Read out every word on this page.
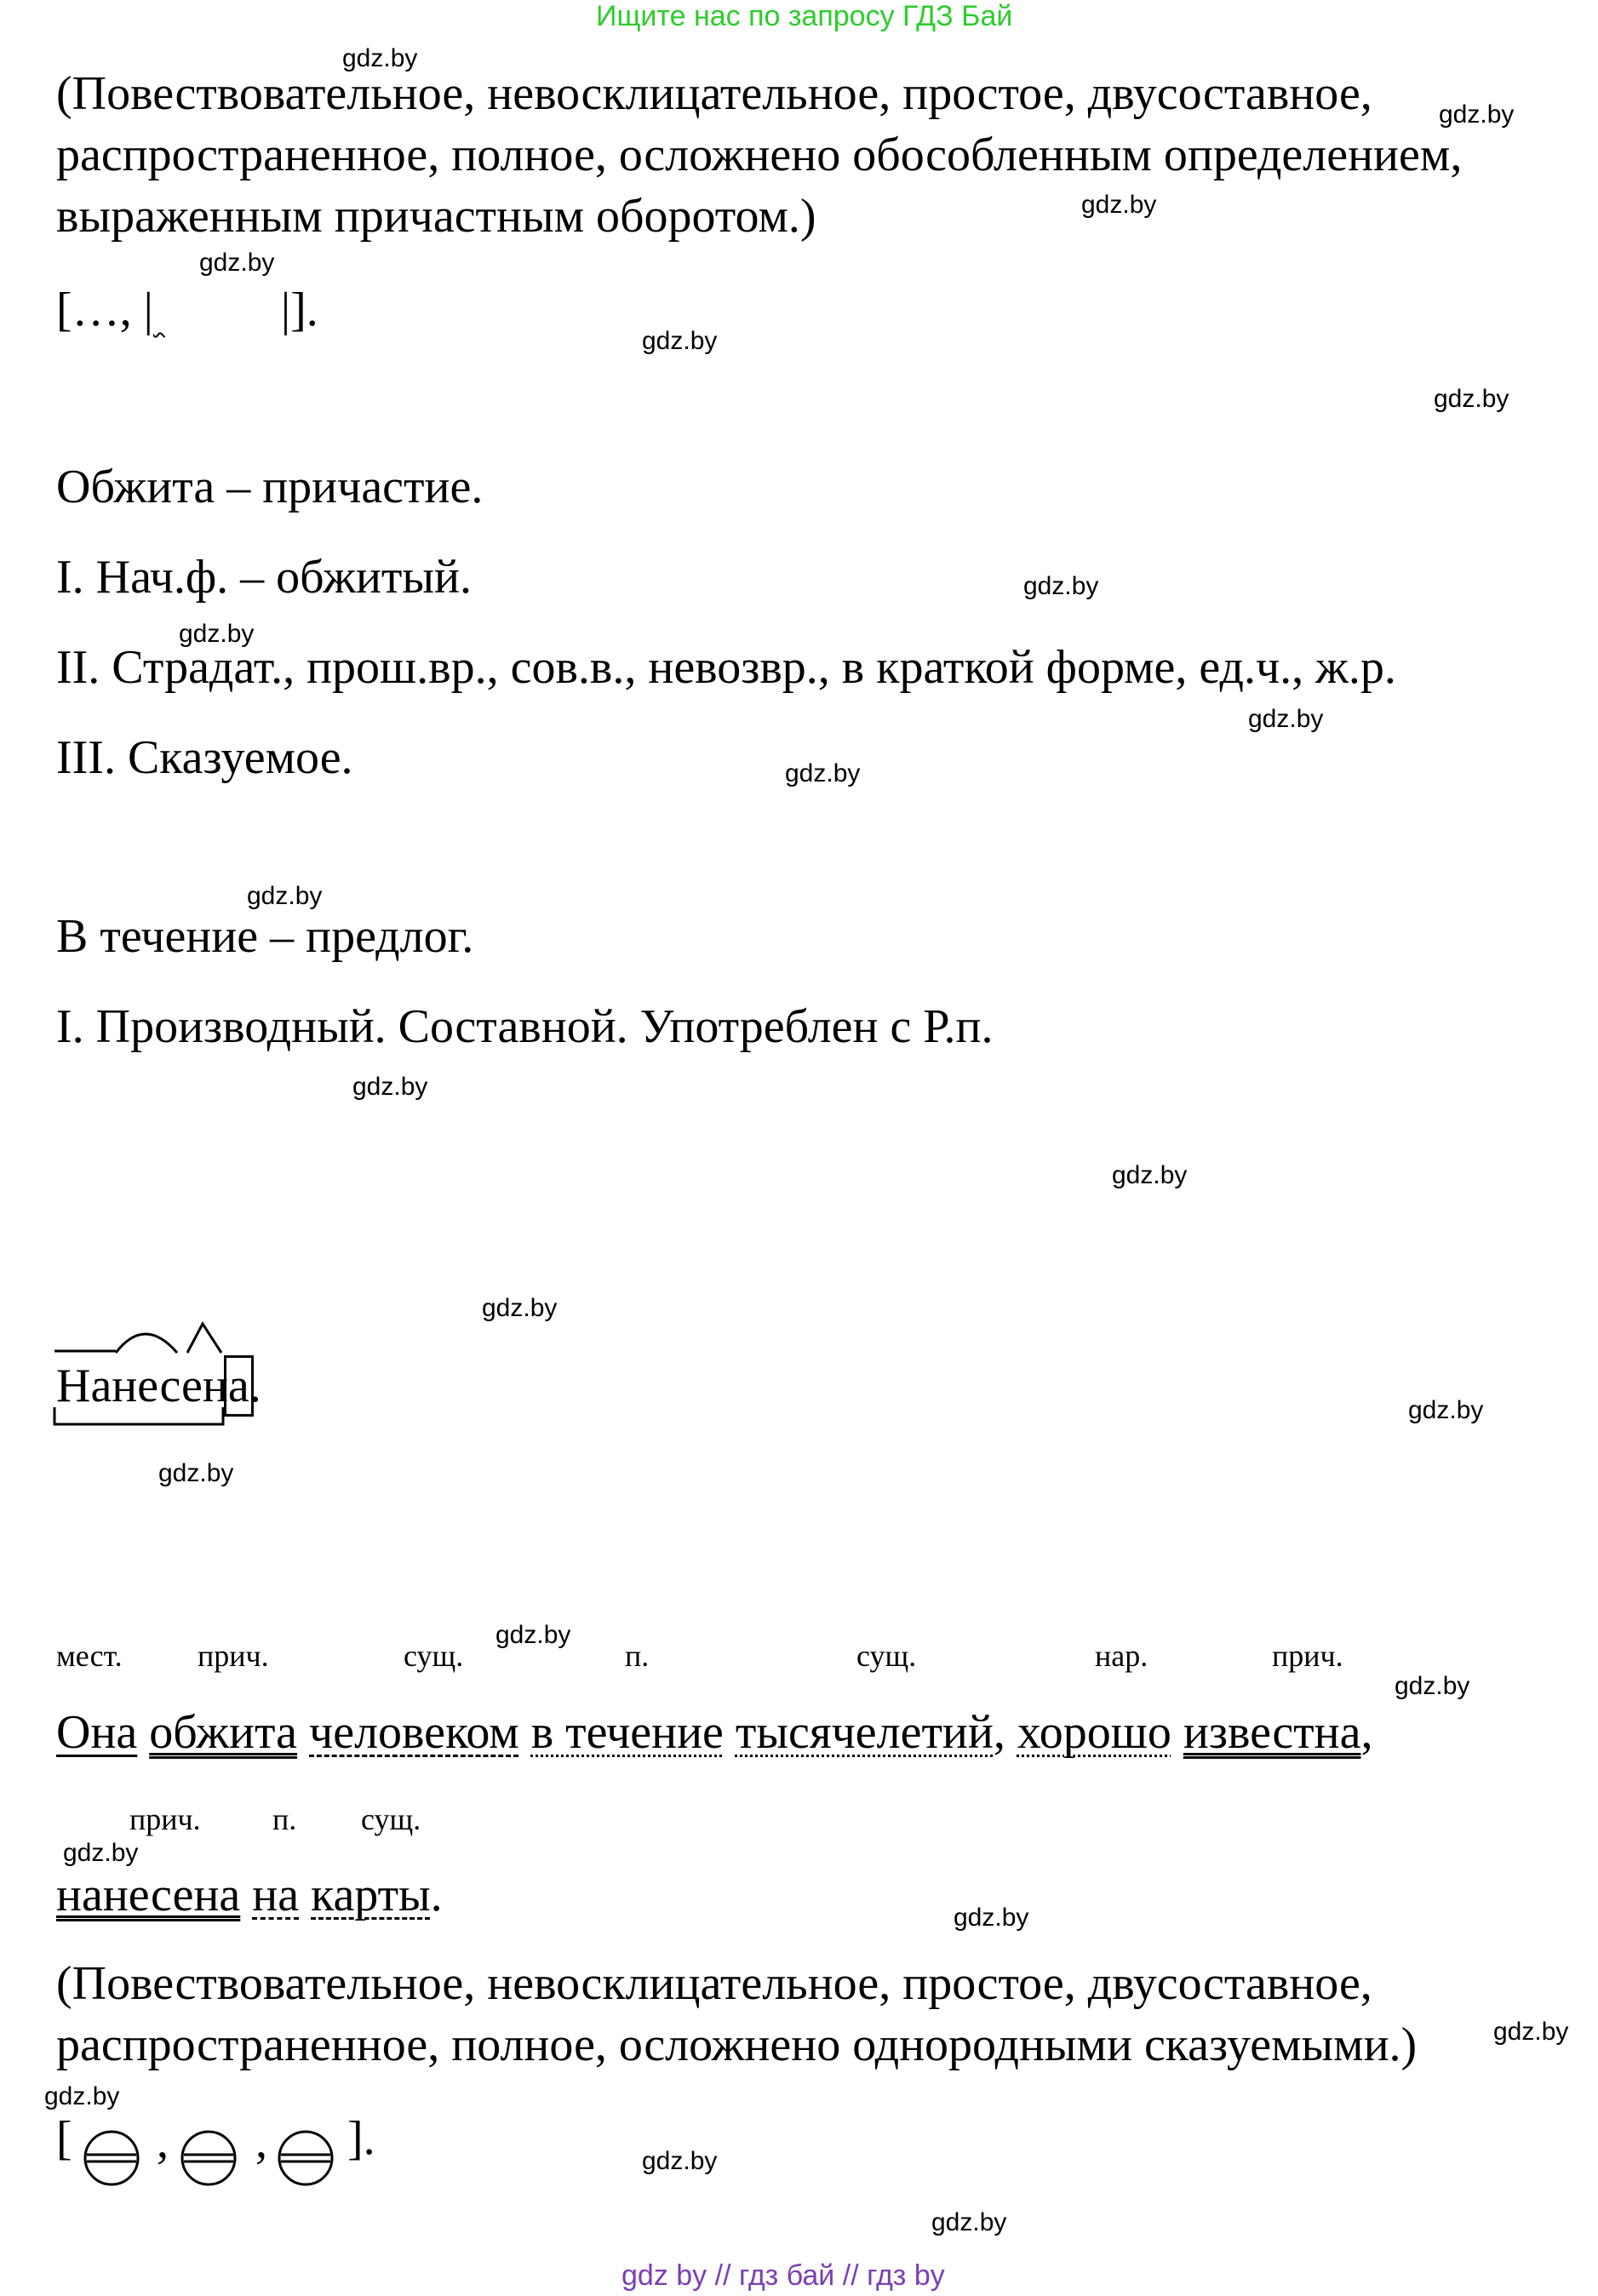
Ищите нас по запросу ГДЗ Бай
(Повествовательное, невосклицательное, простое, двусоставное,
распространенное, полное, осложнено обособленным определением,
выраженным причастным оборотом.)
[…, |	|].
Обжита – причастие.
I. Нач.ф. – обжитый.
II. Страдат., прош.вр., сов.в., невозвр., в краткой форме, ед.ч., ж.р.
III. Сказуемое.
В течение – предлог.
I. Производный. Составной. Употреблен с Р.п.
Нанесена.
мест. прич.	сущ.	п.	сущ.	нар.	прич.
Она обжита человеком в течение тысячелетий, хорошо известна,
прич. п. сущ.
нанесена на карты.
(Повествовательное, невосклицательное, простое, двусоставное,
распространенное, полное, осложнено однородными сказуемыми.)
[ , , ].
gdz.by
gdz.by
gdz.by
gdz.by
gdz.by
gdz.by
gdz.by
gdz.by
gdz.by
gdz.by
gdz.by
gdz.by
gdz.by
gdz.by
gdz.by
gdz.by
gdz.by
gdz.by
gdz.by
gdz.by
gdz.by
gdz.by
gdz.by
gdz.by
gdz by // гдз бай // гдз by
